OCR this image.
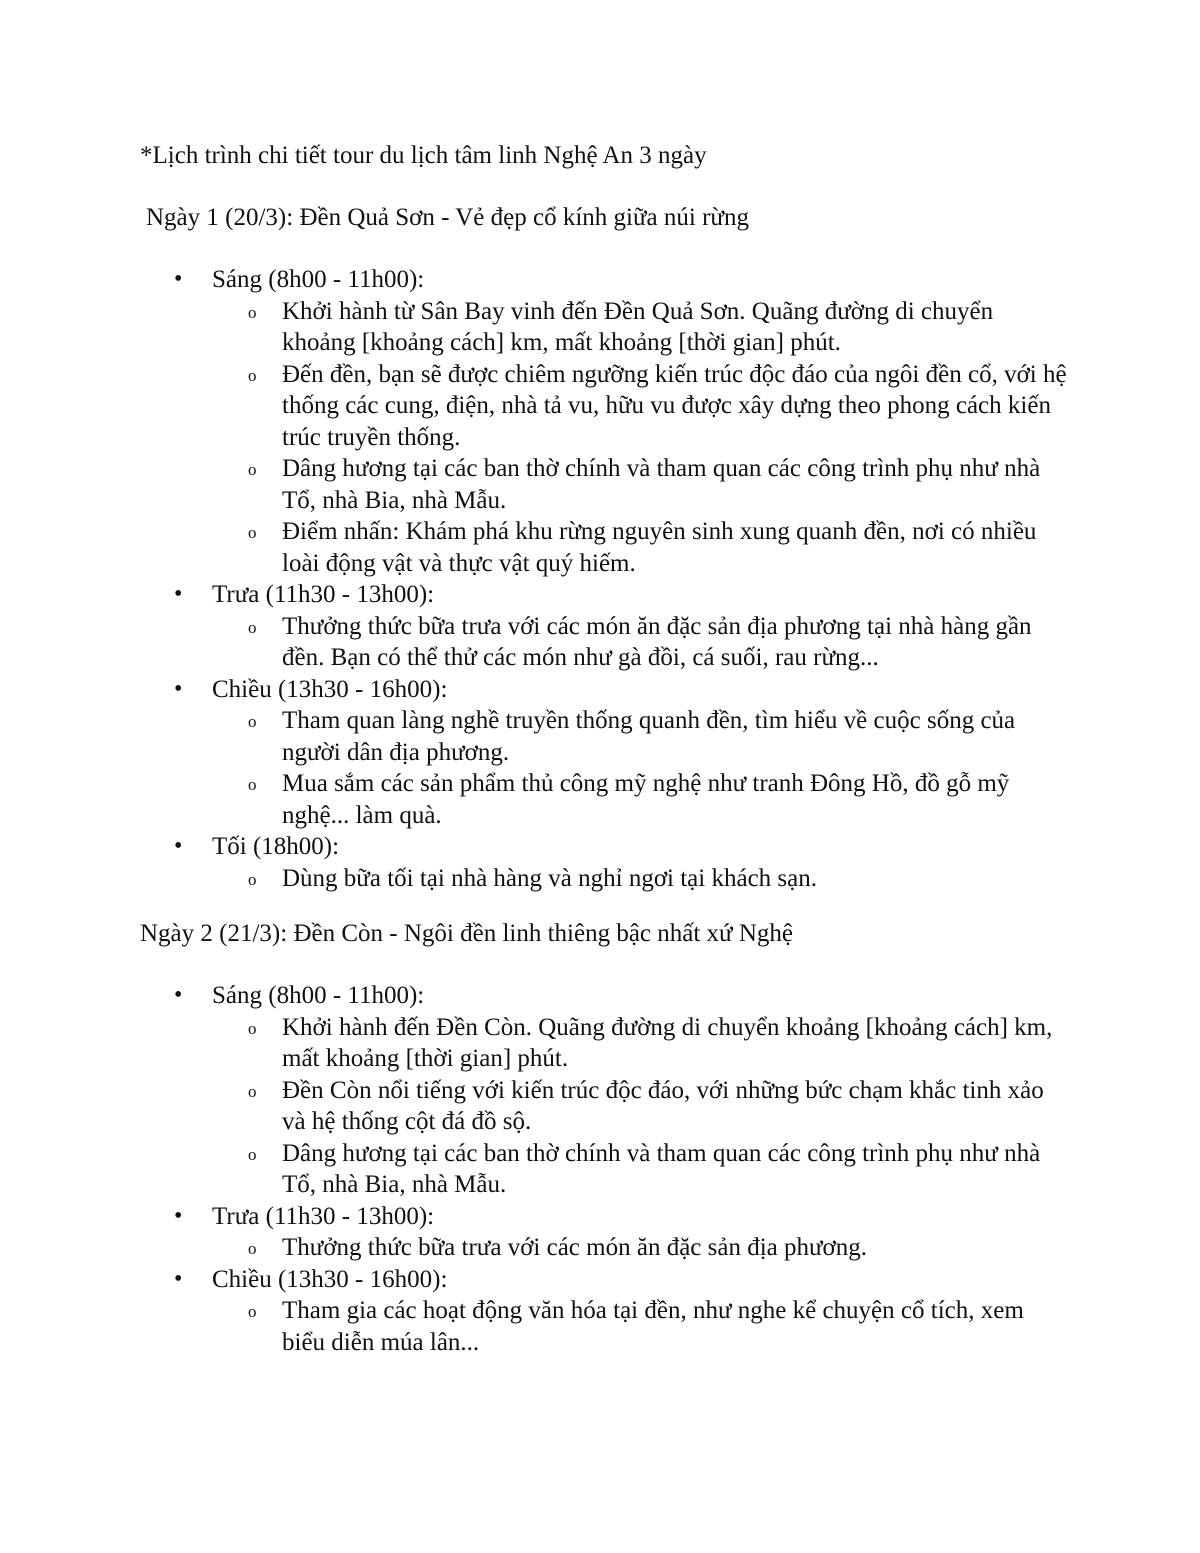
*Lịch trình chi tiết tour du lịch tâm linh Nghệ An 3 ngày
Ngày 1 (20/3): Đền Quả Sơn - Vẻ đẹp cổ kính giữa núi rừng
• Sáng (8h00 - 11h00):
o Khởi hành từ Sân Bay vinh đến Đền Quả Sơn. Quãng đường di chuyển khoảng [khoảng cách] km, mất khoảng [thời gian] phút.
o Đến đền, bạn sẽ được chiêm ngưỡng kiến trúc độc đáo của ngôi đền cổ, với hệ thống các cung, điện, nhà tả vu, hữu vu được xây dựng theo phong cách kiến trúc truyền thống.
o Dâng hương tại các ban thờ chính và tham quan các công trình phụ như nhà Tổ, nhà Bia, nhà Mẫu.
o Điểm nhấn: Khám phá khu rừng nguyên sinh xung quanh đền, nơi có nhiều loài động vật và thực vật quý hiếm.
• Trưa (11h30 - 13h00):
o Thưởng thức bữa trưa với các món ăn đặc sản địa phương tại nhà hàng gần đền. Bạn có thể thử các món như gà đồi, cá suối, rau rừng...
• Chiều (13h30 - 16h00):
o Tham quan làng nghề truyền thống quanh đền, tìm hiểu về cuộc sống của người dân địa phương.
o Mua sắm các sản phẩm thủ công mỹ nghệ như tranh Đông Hồ, đồ gỗ mỹ nghệ... làm quà.
• Tối (18h00):
o Dùng bữa tối tại nhà hàng và nghỉ ngơi tại khách sạn.
Ngày 2 (21/3): Đền Còn - Ngôi đền linh thiêng bậc nhất xứ Nghệ
• Sáng (8h00 - 11h00):
o Khởi hành đến Đền Còn. Quãng đường di chuyển khoảng [khoảng cách] km, mất khoảng [thời gian] phút.
o Đền Còn nổi tiếng với kiến trúc độc đáo, với những bức chạm khắc tinh xảo và hệ thống cột đá đồ sộ.
o Dâng hương tại các ban thờ chính và tham quan các công trình phụ như nhà Tổ, nhà Bia, nhà Mẫu.
• Trưa (11h30 - 13h00):
o Thưởng thức bữa trưa với các món ăn đặc sản địa phương.
• Chiều (13h30 - 16h00):
o Tham gia các hoạt động văn hóa tại đền, như nghe kể chuyện cổ tích, xem biểu diễn múa lân...
